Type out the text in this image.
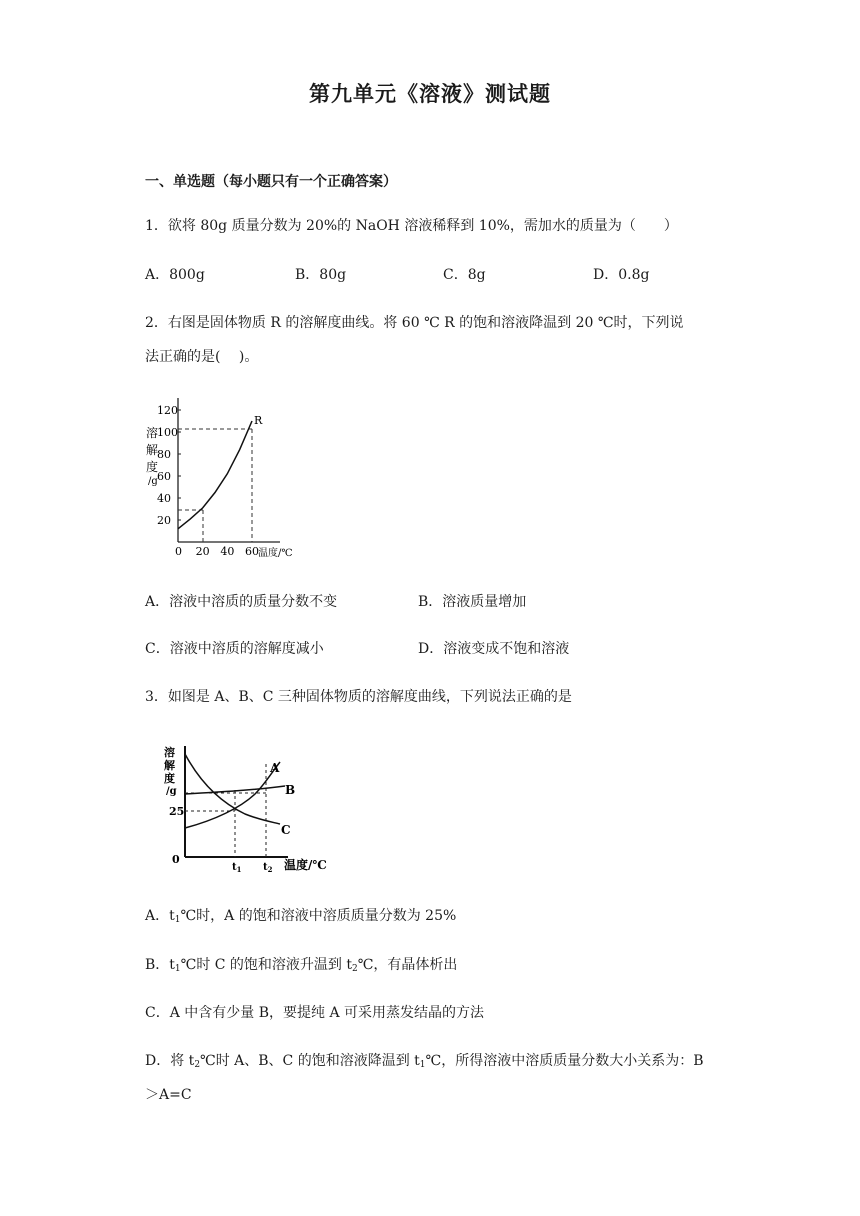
第九单元《溶液》测试题
一、单选题（每小题只有一个正确答案）
1．欲将 80g 质量分数为 20%的 NaOH 溶液稀释到 10%，需加水的质量为（　　）
A．800g	B．80g	C．8g	D．0.8g
2．右图是固体物质 R 的溶解度曲线。将 60 ℃ R 的饱和溶液降温到 20 ℃时，下列说
法正确的是(　 )。
120
100
80
60
40
20
0 20 40 60
R
溶
解
度
/g
温度/℃
A．溶液中溶质的质量分数不变	B．溶液质量增加
C．溶液中溶质的溶解度减小	D．溶液变成不饱和溶液
3．如图是 A、B、C 三种固体物质的溶解度曲线，下列说法正确的是
A
B
C
25
0
$t_1$ $t_2$ 温度/℃
溶
解
度
/g
A．$t_1℃$时，A 的饱和溶液中溶质质量分数为 25%
B．$t_1℃$时 C 的饱和溶液升温到 $t_2℃$，有晶体析出
C．A 中含有少量 B，要提纯 A 可采用蒸发结晶的方法
D．将 $t_2℃$时 A、B、C 的饱和溶液降温到 $t_1℃$，所得溶液中溶质质量分数大小关系为：B
＞A=C
